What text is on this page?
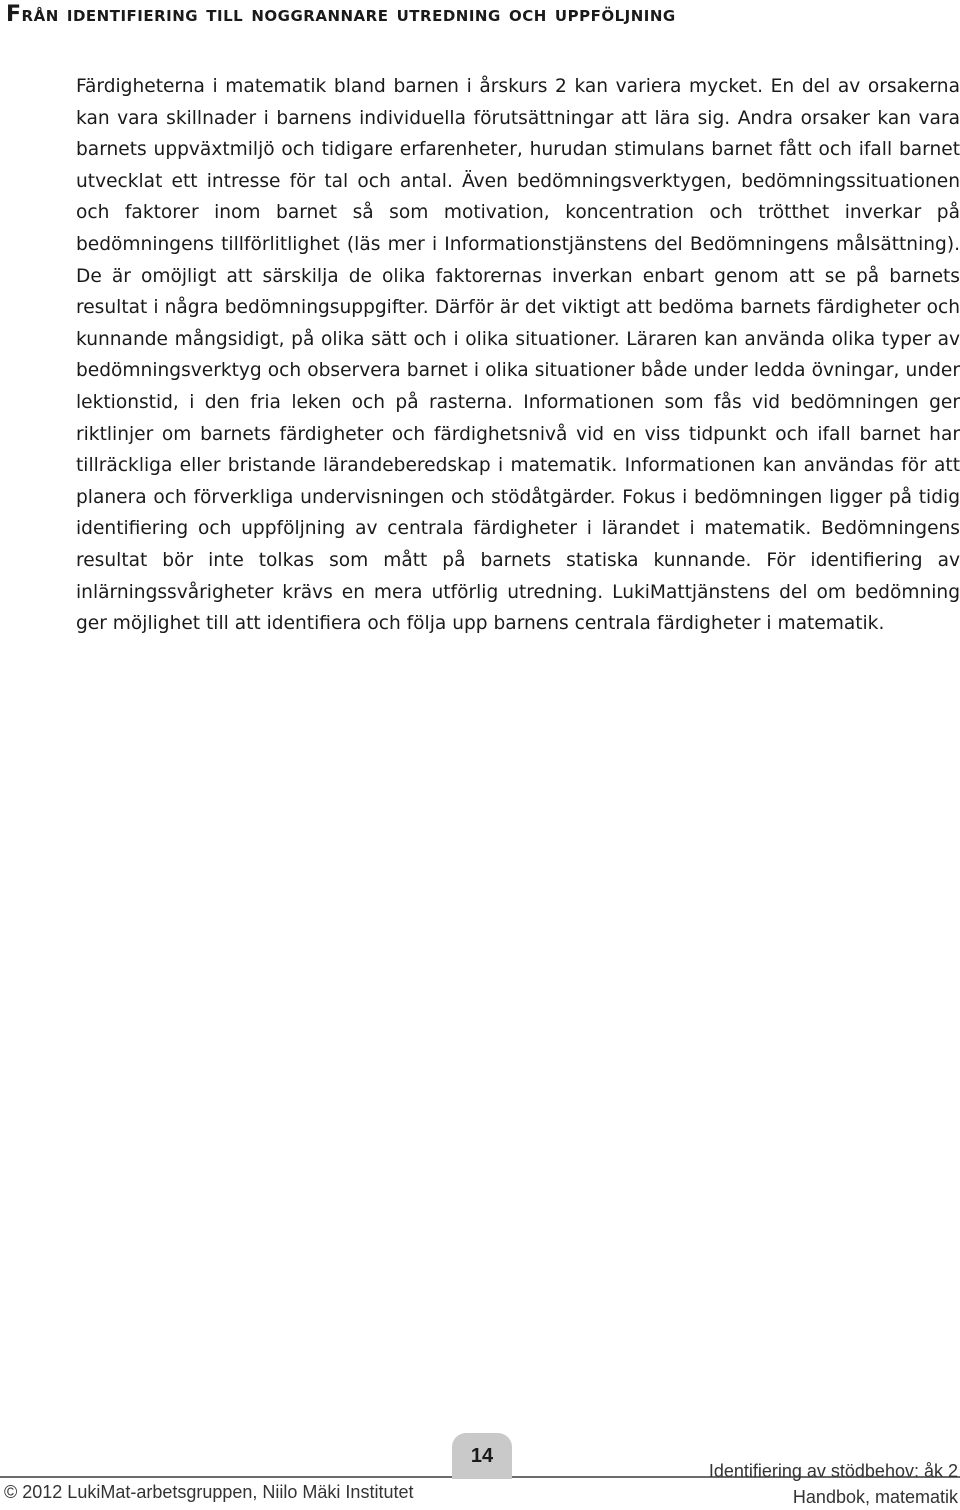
Från identifiering till noggrannare utredning och uppföljning

Färdigheterna i matematik bland barnen i årskurs 2 kan variera mycket. En del av orsakerna kan vara skillnader i barnens individuella förutsättningar att lära sig. Andra orsaker kan vara barnets uppväxtmiljö och tidigare erfarenheter, hurudan stimulans barnet fått och ifall barnet utvecklat ett intresse för tal och antal. Även bedömningsverktygen, bedömningssituationen och faktorer inom barnet så som motivation, koncentration och trötthet inverkar på bedömningens tillförlitlighet (läs mer i Informationstjänstens del Bedömningens målsättning). De är omöjligt att särskilja de olika faktorernas inverkan enbart genom att se på barnets resultat i några bedömningsuppgifter. Därför är det viktigt att bedöma barnets färdigheter och kunnande mångsidigt, på olika sätt och i olika situationer. Läraren kan använda olika typer av bedömningsverktyg och observera barnet i olika situationer både under ledda övningar, under lektionstid, i den fria leken och på rasterna. Informationen som fås vid bedömningen ger riktlinjer om barnets färdigheter och färdighetsnivå vid en viss tidpunkt och ifall barnet har tillräckliga eller bristande lärandeberedskap i matematik. Informationen kan användas för att planera och förverkliga undervisningen och stödåtgärder. Fokus i bedömningen ligger på tidig identifiering och uppföljning av centrala färdigheter i lärandet i matematik. Bedömningens resultat bör inte tolkas som mått på barnets statiska kunnande. För identifiering av inlärningssvårigheter krävs en mera utförlig utredning. LukiMattjänstens del om bedömning ger möjlighet till att identifiera och följa upp barnens centrala färdigheter i matematik.

14
© 2012 LukiMat-arbetsgruppen, Niilo Mäki Institutet
Identifiering av stödbehov: åk 2
Handbok, matematik
